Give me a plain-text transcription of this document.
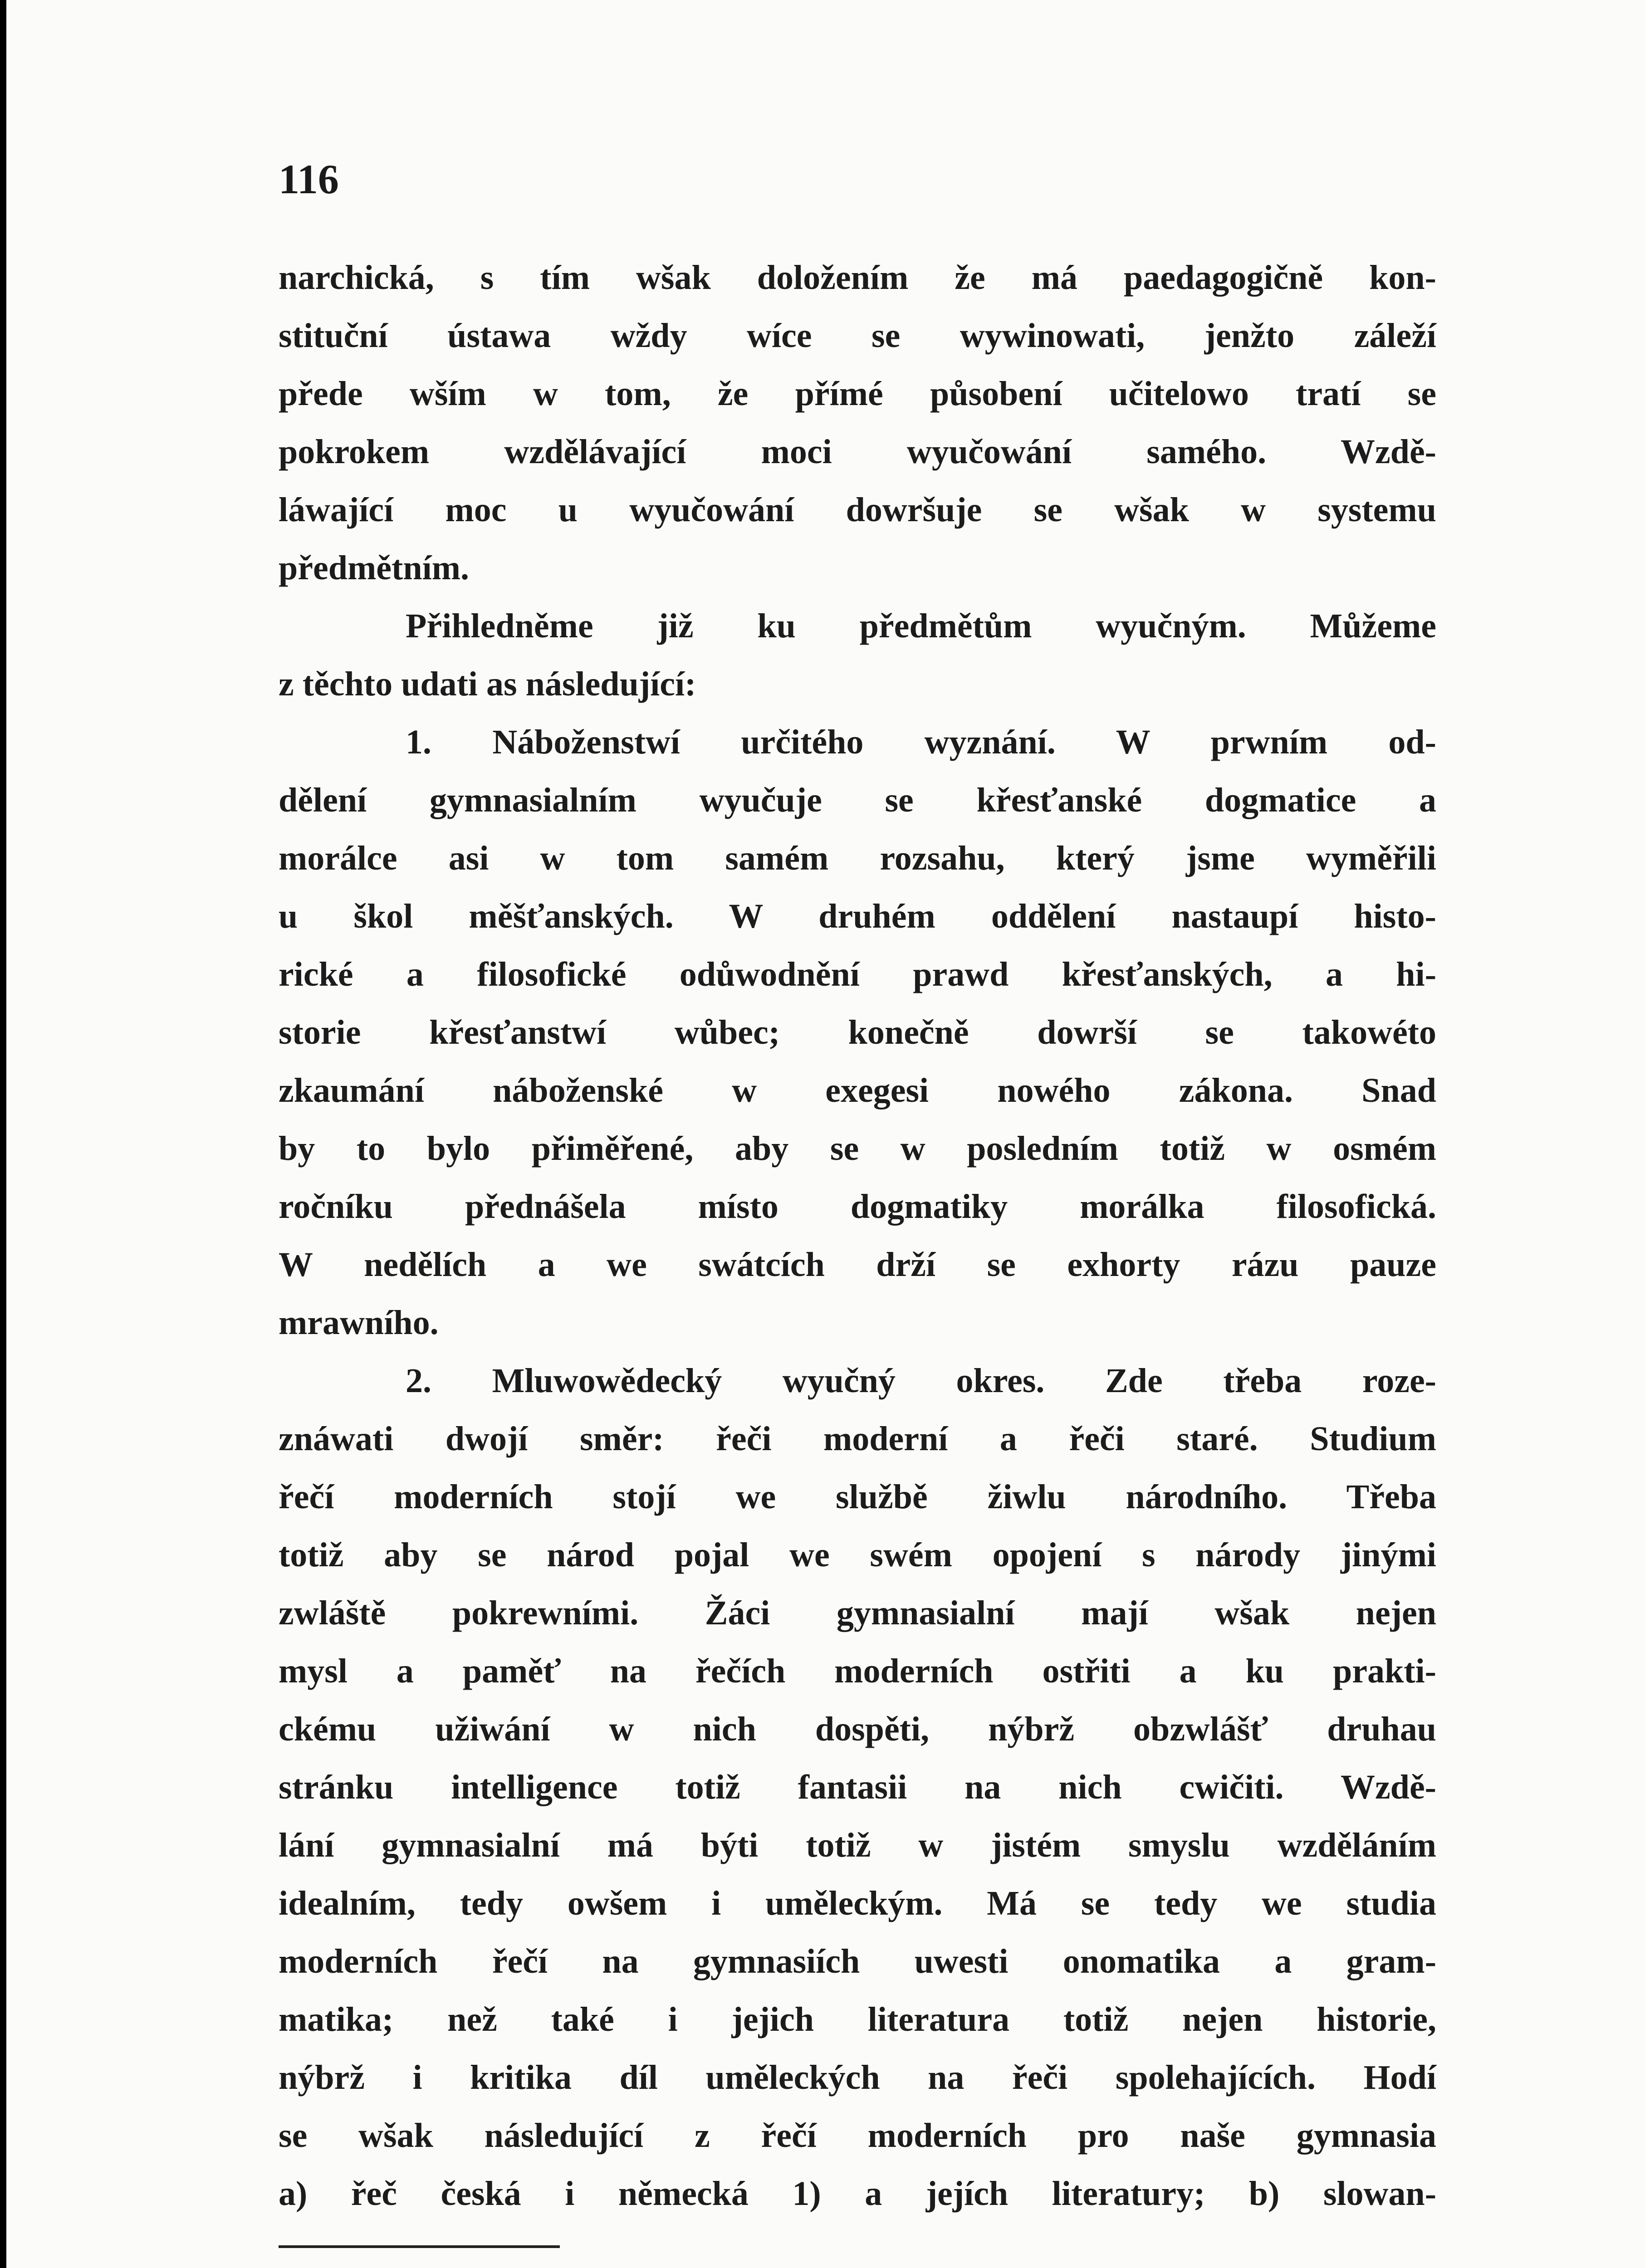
116
narchická, s tím wšak doložením že má paedagogičně kon-
stituční ústawa wždy wíce se wywinowati, jenžto záleží
přede wším w tom, že přímé působení učitelowo tratí se
pokrokem wzdělávající moci wyučowání samého. Wzdě-
láwající moc u wyučowání dowršuje se wšak w systemu
předmětním.
Přihledněme již ku předmětům wyučným. Můžeme
z těchto udati as následující:
1. Náboženstwí určitého wyznání. W prwním od-
dělení gymnasialním wyučuje se křesťanské dogmatice a
morálce asi w tom samém rozsahu, který jsme wyměřili
u škol měšťanských. W druhém oddělení nastaupí histo-
rické a filosofické odůwodnění prawd křesťanských, a hi-
storie křesťanstwí wůbec; konečně dowrší se takowéto
zkaumání náboženské w exegesi nowého zákona. Snad
by to bylo přiměřené, aby se w posledním totiž w osmém
ročníku přednášela místo dogmatiky morálka filosofická.
W nedělích a we swátcích drží se exhorty rázu pauze
mrawního.
2. Mluwowědecký wyučný okres. Zde třeba roze-
znáwati dwojí směr: řeči moderní a řeči staré. Studium
řečí moderních stojí we službě žiwlu národního. Třeba
totiž aby se národ pojal we swém opojení s národy jinými
zwláště pokrewními. Žáci gymnasialní mají wšak nejen
mysl a paměť na řečích moderních ostřiti a ku prakti-
ckému užiwání w nich dospěti, nýbrž obzwlášť druhau
stránku intelligence totiž fantasii na nich cwičiti. Wzdě-
lání gymnasialní má býti totiž w jistém smyslu wzděláním
idealním, tedy owšem i uměleckým. Má se tedy we studia
moderních řečí na gymnasiích uwesti onomatika a gram-
matika; než také i jejich literatura totiž nejen historie,
nýbrž i kritika díl uměleckých na řeči spolehajících. Hodí
se wšak následující z řečí moderních pro naše gymnasia
a) řeč česká i německá 1) a jejích literatury; b) slowan-
